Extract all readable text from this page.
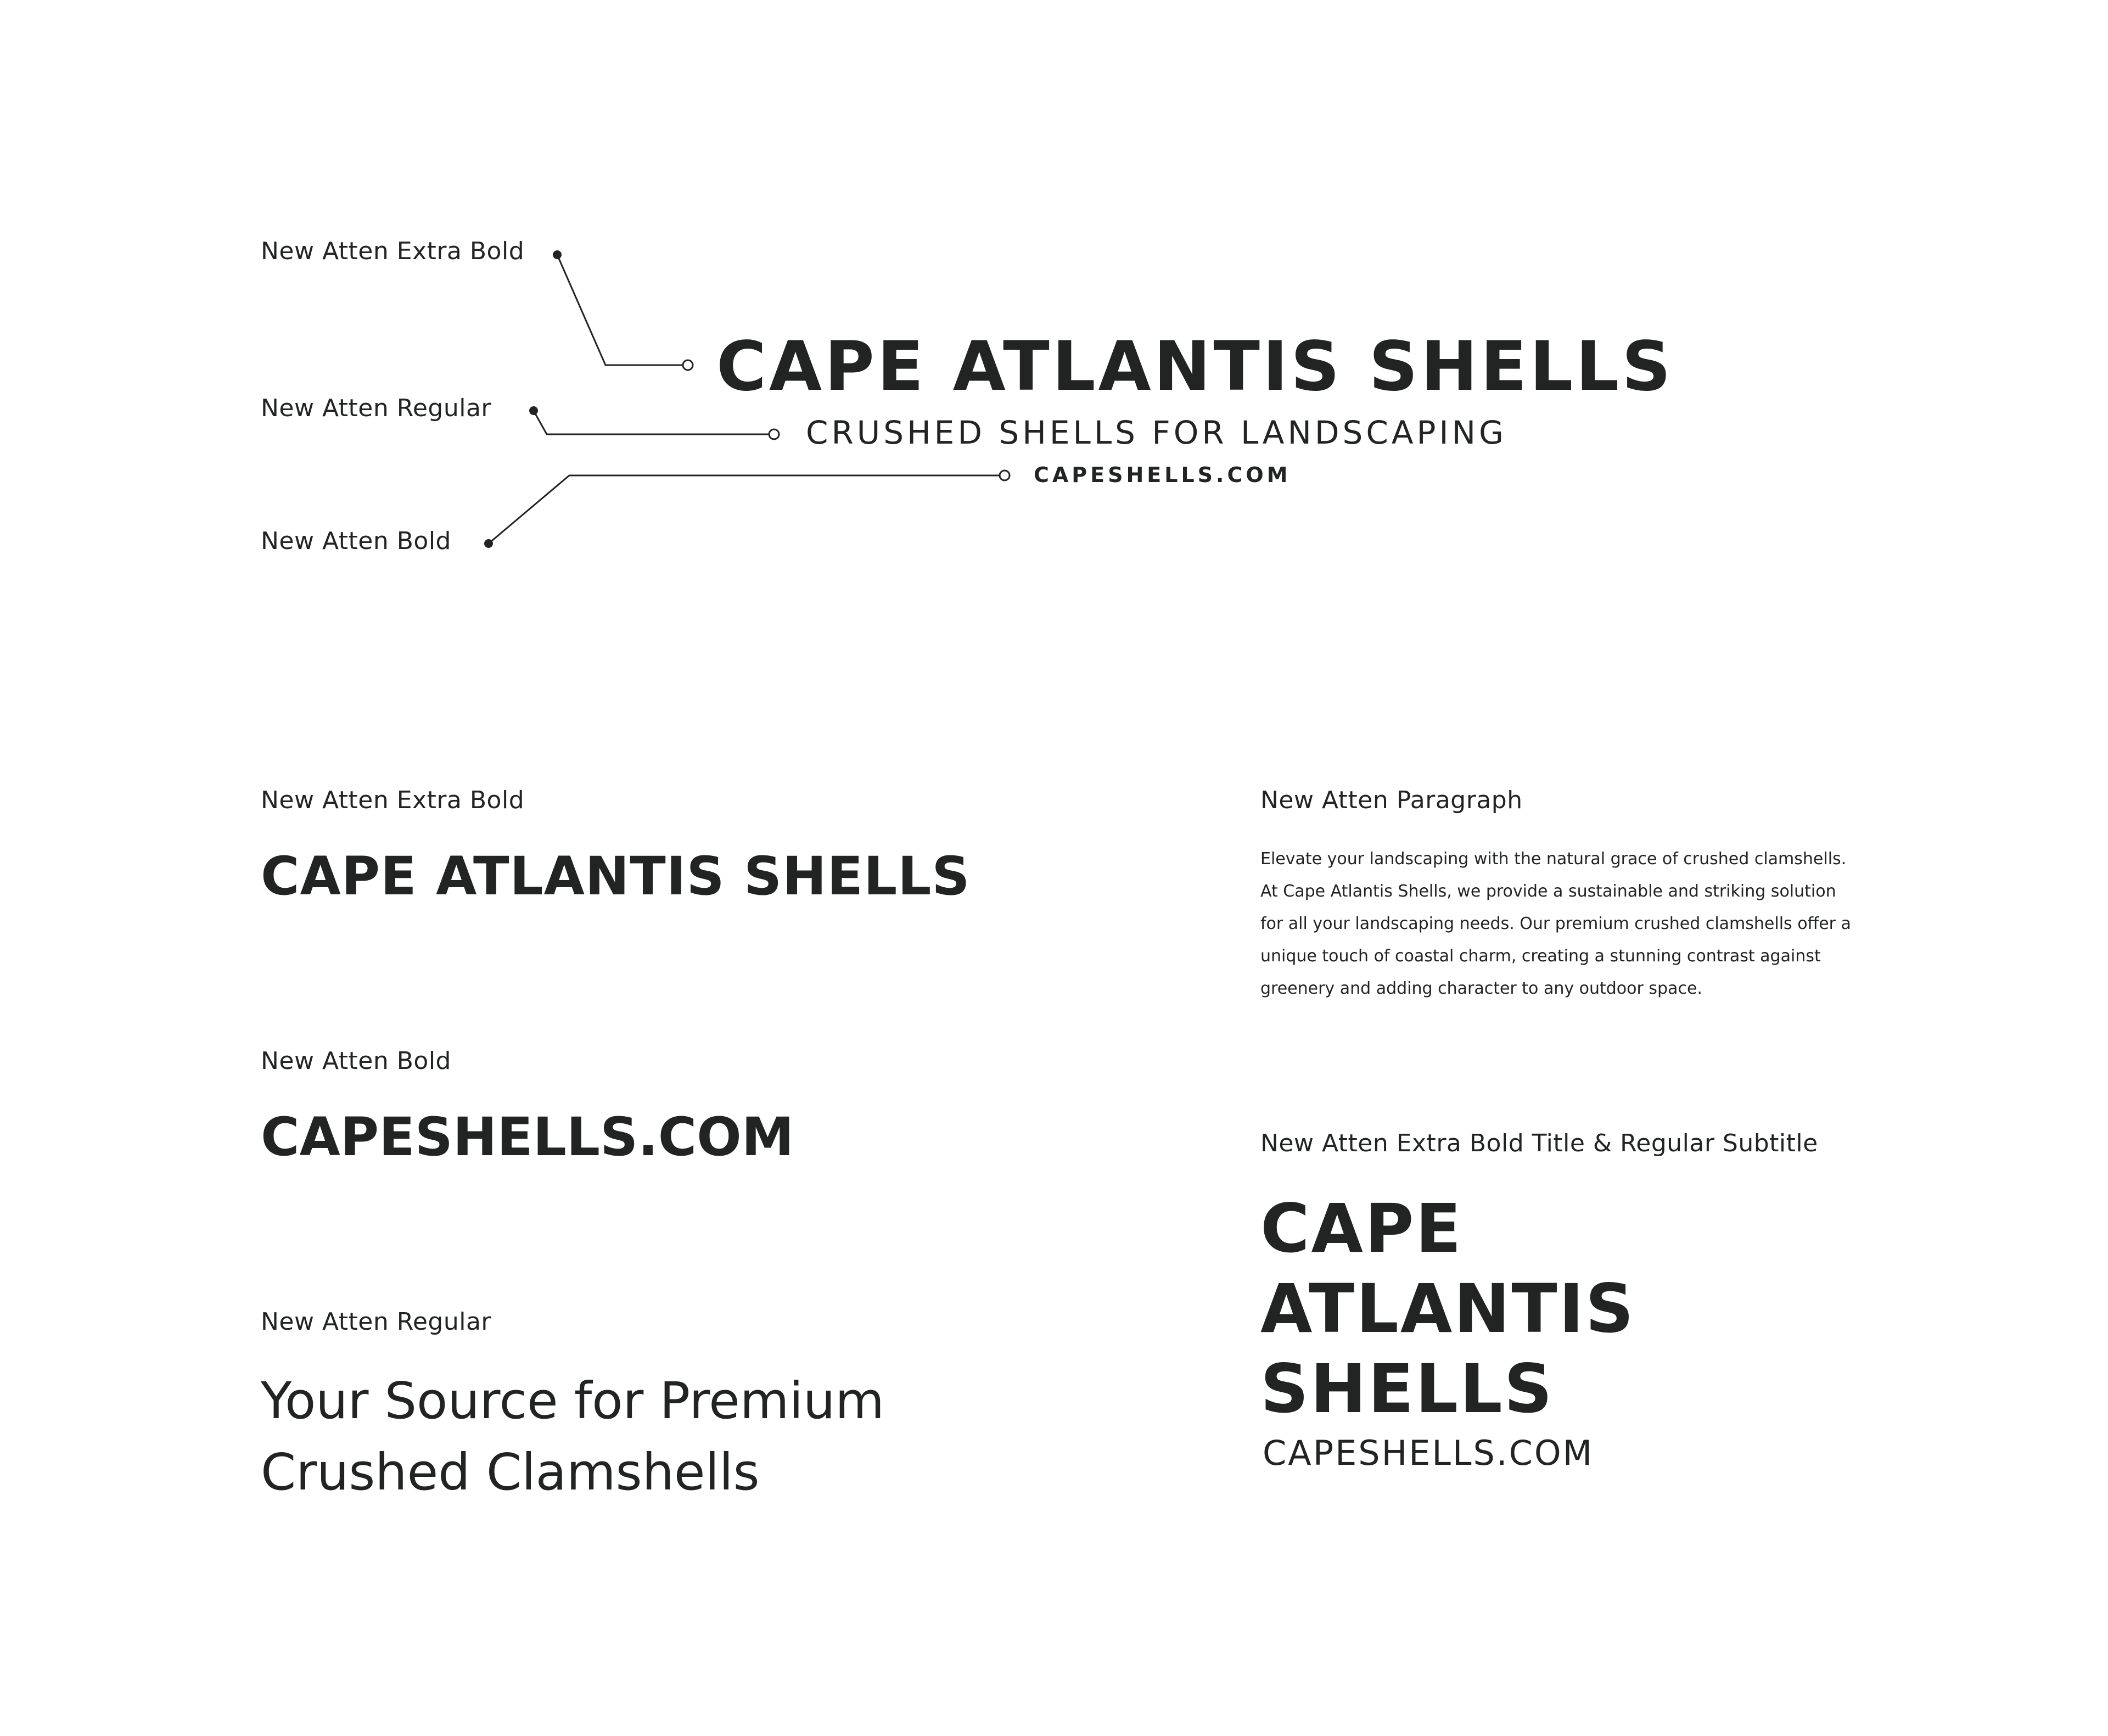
New Atten Extra Bold
New Atten Regular
New Atten Bold
CAPE ATLANTIS SHELLS
CRUSHED SHELLS FOR LANDSCAPING
CAPESHELLS.COM
New Atten Extra Bold
CAPE ATLANTIS SHELLS
New Atten Bold
CAPESHELLS.COM
New Atten Regular
Your Source for Premium
Crushed Clamshells
New Atten Paragraph
Elevate your landscaping with the natural grace of crushed clamshells.
At Cape Atlantis Shells, we provide a sustainable and striking solution
for all your landscaping needs. Our premium crushed clamshells offer a
unique touch of coastal charm, creating a stunning contrast against
greenery and adding character to any outdoor space.
New Atten Extra Bold Title & Regular Subtitle
CAPE
ATLANTIS
SHELLS
CAPESHELLS.COM
